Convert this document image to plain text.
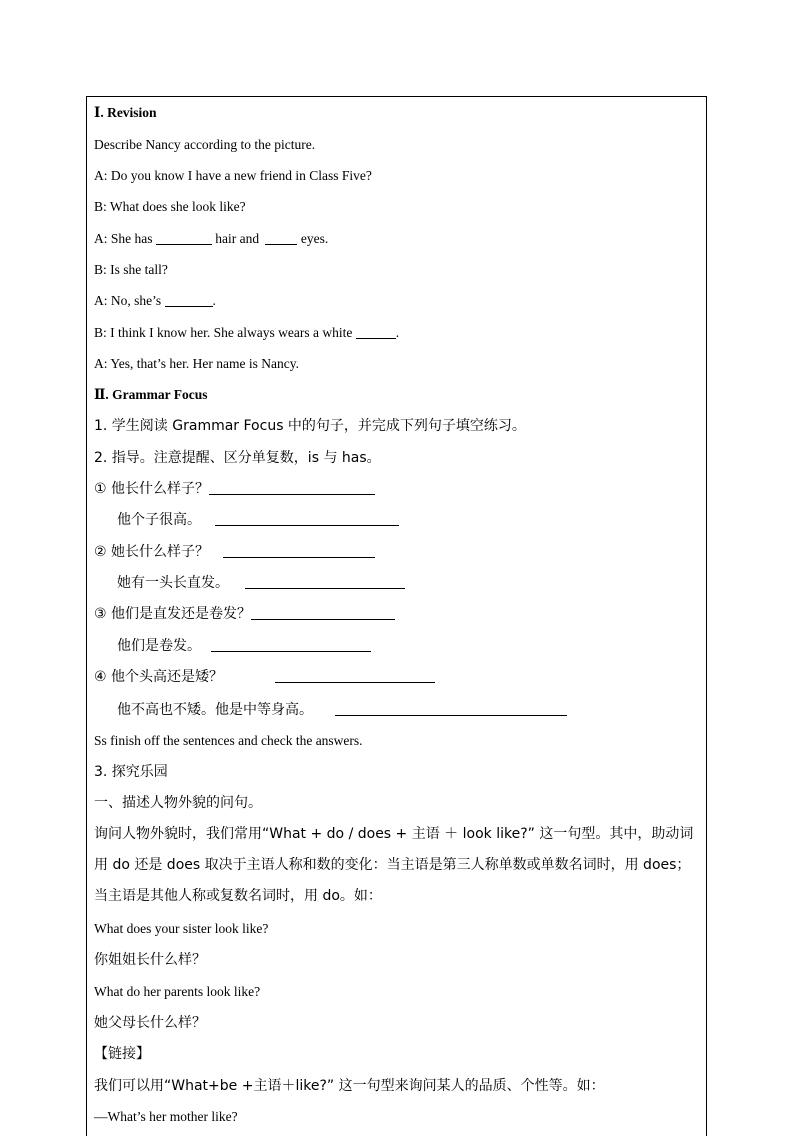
Ⅰ. Revision
Describe Nancy according to the picture.
A: Do you know I have a new friend in Class Five?
B: What does she look like?
A: She has	hair and	eyes.
B: Is she tall?
A: No, she’s	.
B: I think I know her. She always wears a white	.
A: Yes, that’s her. Her name is Nancy.
Ⅱ. Grammar Focus
1. 学生阅读 Grammar Focus 中的句子，并完成下列句子填空练习。
2. 指导。注意提醒、区分单复数，is 与 has。
① 他长什么样子？
他个子很高。
② 她长什么样子？
她有一头长直发。
③ 他们是直发还是卷发？
他们是卷发。
④ 他个头高还是矮？
他不高也不矮。他是中等身高。
Ss finish off the sentences and check the answers.
3. 探究乐园
一、描述人物外貌的问句。
询问人物外貌时，我们常用“What + do / does + 主语 ＋ look like?” 这一句型。其中，助动词用 do 还是 does 取决于主语人称和数的变化：当主语是第三人称单数或单数名词时，用 does；当主语是其他人称或复数名词时，用 do。如：
What does your sister look like?
你姐姐长什么样？
What do her parents look like?
她父母长什么样？
【链接】
我们可以用“What+be +主语＋like?” 这一句型来询问某人的品质、个性等。如：
—What’s her mother like?
